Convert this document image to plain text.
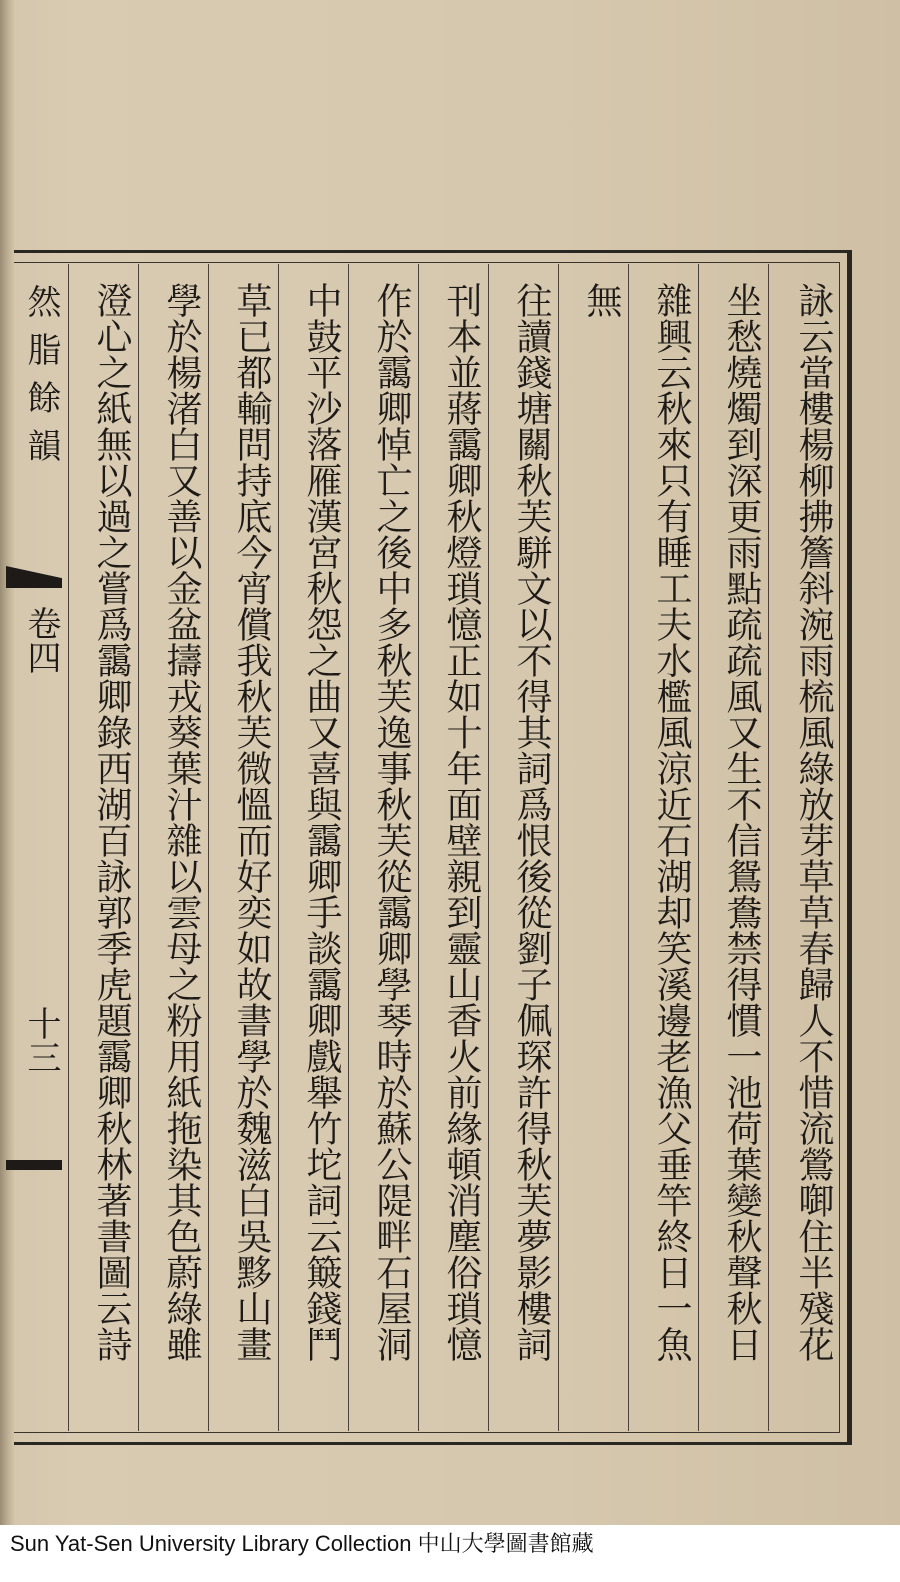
詠云當樓楊柳拂簷斜涴雨梳風綠放芽草草春歸人不惜流鶯啣住半殘花
坐愁燒燭到深更雨點疏疏風又生不信鴛鴦禁得慣一池荷葉變秋聲秋日
雜興云秋來只有睡工夫水檻風涼近石湖却笑溪邊老漁父垂竿終日一魚
無
往讀錢塘關秋芙駢文以不得其詞爲恨後從劉子佩琛許得秋芙夢影樓詞
刊本並蔣靄卿秋燈瑣憶正如十年面壁親到靈山香火前緣頓消塵俗瑣憶
作於靄卿悼亡之後中多秋芙逸事秋芙從靄卿學琴時於蘇公隄畔石屋洞
中鼓平沙落雁漢宮秋怨之曲又喜與靄卿手談靄卿戲舉竹坨詞云簸錢鬥
草已都輸問持底今宵償我秋芙微慍而好奕如故書學於魏滋白吳黟山畫
學於楊渚白又善以金盆擣戎葵葉汁雜以雲母之粉用紙拖染其色蔚綠雖
澄心之紙無以過之嘗爲靄卿錄西湖百詠郭季虎題靄卿秋林著書圖云詩
然脂餘韻
卷四
十三
Sun Yat-Sen University Library Collection 中山大學圖書館藏
